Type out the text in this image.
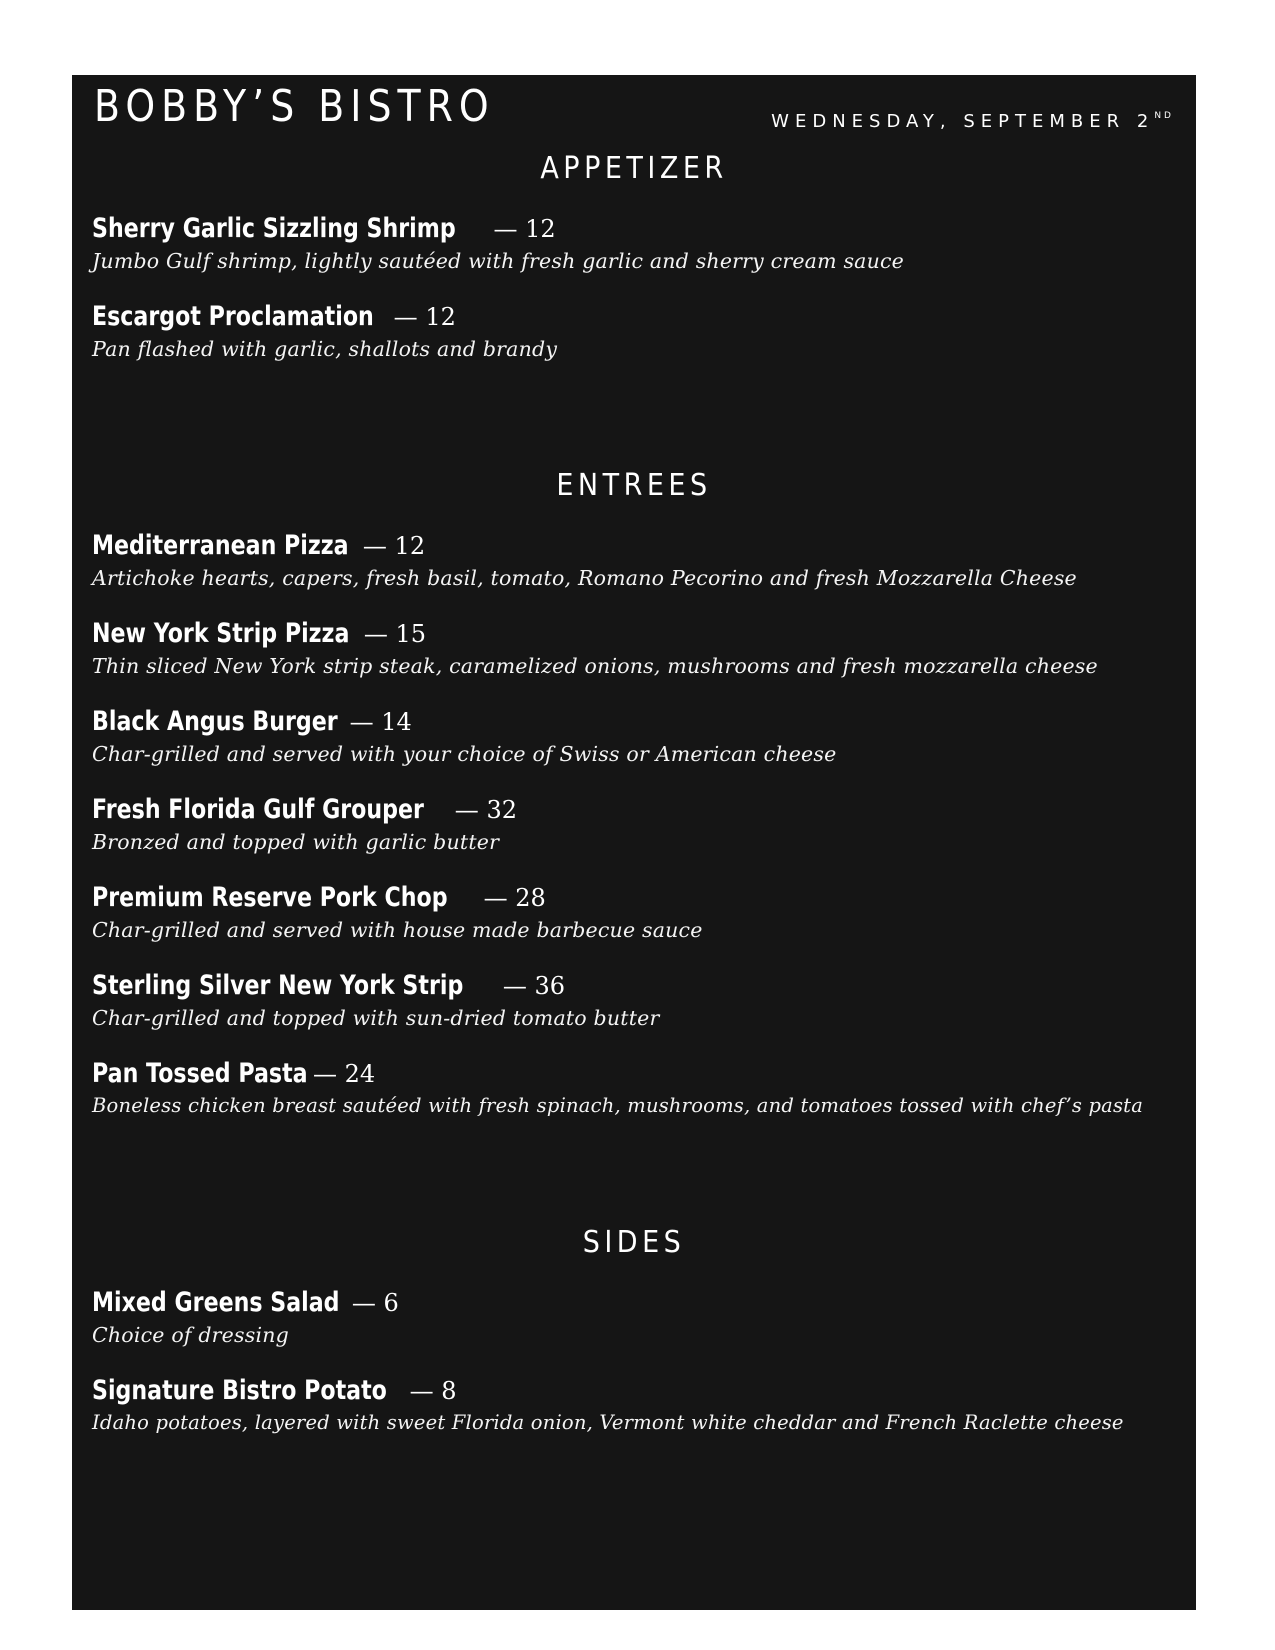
BOBBY’S BISTRO	WEDNESDAY, SEPTEMBER 2ND
APPETIZER
Sherry Garlic Sizzling Shrimp — 12
Jumbo Gulf shrimp, lightly sautéed with fresh garlic and sherry cream sauce
Escargot Proclamation — 12
Pan flashed with garlic, shallots and brandy
ENTREES
Mediterranean Pizza — 12
Artichoke hearts, capers, fresh basil, tomato, Romano Pecorino and fresh Mozzarella Cheese
New York Strip Pizza — 15
Thin sliced New York strip steak, caramelized onions, mushrooms and fresh mozzarella cheese
Black Angus Burger — 14
Char-grilled and served with your choice of Swiss or American cheese
Fresh Florida Gulf Grouper — 32
Bronzed and topped with garlic butter
Premium Reserve Pork Chop — 28
Char-grilled and served with house made barbecue sauce
Sterling Silver New York Strip — 36
Char-grilled and topped with sun-dried tomato butter
Pan Tossed Pasta — 24
Boneless chicken breast sautéed with fresh spinach, mushrooms, and tomatoes tossed with chef’s pasta
SIDES
Mixed Greens Salad — 6
Choice of dressing
Signature Bistro Potato — 8
Idaho potatoes, layered with sweet Florida onion, Vermont white cheddar and French Raclette cheese
